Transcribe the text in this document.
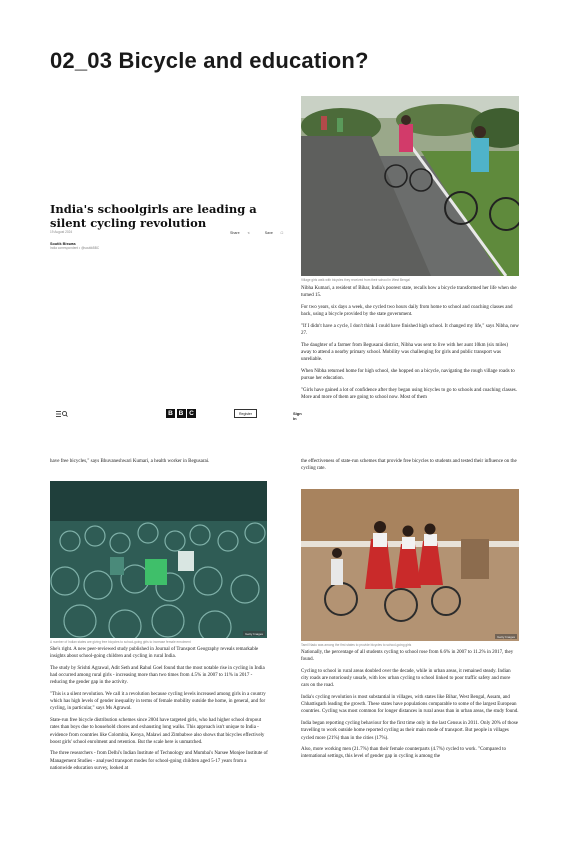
02_03 Bicycle and education?
India's schoolgirls are leading a silent cycling revolution
19 August 2024	Share <	Save □
Soutik Biswas
India correspondent • @soutikBBC
B B C	Register	Sign In
Village girls walk with bicycles they received from their school in West Bengal

Nibha Kumari, a resident of Bihar, India's poorest state, recalls how a bicycle transformed her life when she turned 15.

For two years, six days a week, she cycled two hours daily from home to school and coaching classes and back, using a bicycle provided by the state government.

"If I didn't have a cycle, I don't think I could have finished high school. It changed my life," says Nibha, now 27.

The daughter of a farmer from Begusarai district, Nibha was sent to live with her aunt 10km (six miles) away to attend a nearby primary school. Mobility was challenging for girls and public transport was unreliable.

When Nibha returned home for high school, she hopped on a bicycle, navigating the rough village roads to pursue her education.

"Girls have gained a lot of confidence after they began using bicycles to go to schools and coaching classes. More and more of them are going to school now. Most of them

have free bicycles," says Bhuvaneshwari Kumari, a health worker in Begusarai.

Getty Images
A number of Indian states are giving free bicycles to school-going girls to increase female enrolment

She's right. A new peer-reviewed study published in Journal of Transport Geography reveals remarkable insights about school-going children and cycling in rural India.

The study by Srishti Agrawal, Adit Seth and Rahul Goel found that the most notable rise in cycling in India had occurred among rural girls - increasing more than two times from 4.5% in 2007 to 11% in 2017 - reducing the gender gap in the activity.

"This is a silent revolution. We call it a revolution because cycling levels increased among girls in a country which has high levels of gender inequality in terms of female mobility outside the home, in general, and for cycling, in particular," says Ms Agrawal.

State-run free bicycle distribution schemes since 2004 have targeted girls, who had higher school dropout rates than boys due to household chores and exhausting long walks. This approach isn't unique to India - evidence from countries like Colombia, Kenya, Malawi and Zimbabwe also shows that bicycles effectively boost girls' school enrolment and retention. But the scale here is unmatched.

The three researchers - from Delhi's Indian Institute of Technology and Mumbai's Narsee Monjee Institute of Management Studies - analysed transport modes for school-going children aged 5-17 years from a nationwide education survey, looked at

the effectiveness of state-run schemes that provide free bicycles to students and tested their influence on the cycling rate.

Getty Images
Tamil Nadu was among the first states to provide bicycles to school-going girls

Nationally, the percentage of all students cycling to school rose from 6.6% in 2007 to 11.2% in 2017, they found.

Cycling to school in rural areas doubled over the decade, while in urban areas, it remained steady. Indian city roads are notoriously unsafe, with low urban cycling to school linked to poor traffic safety and more cars on the road.

India's cycling revolution is most substantial in villages, with states like Bihar, West Bengal, Assam, and Chhattisgarh leading the growth. These states have populations comparable to some of the largest European countries. Cycling was most common for longer distances in rural areas than in urban areas, the study found.

India began reporting cycling behaviour for the first time only in the last Census in 2011. Only 20% of those travelling to work outside home reported cycling as their main mode of transport. But people in villages cycled more (21%) than in the cities (17%).

Also, more working men (21.7%) than their female counterparts (4.7%) cycled to work. "Compared to international settings, this level of gender gap in cycling is among the
